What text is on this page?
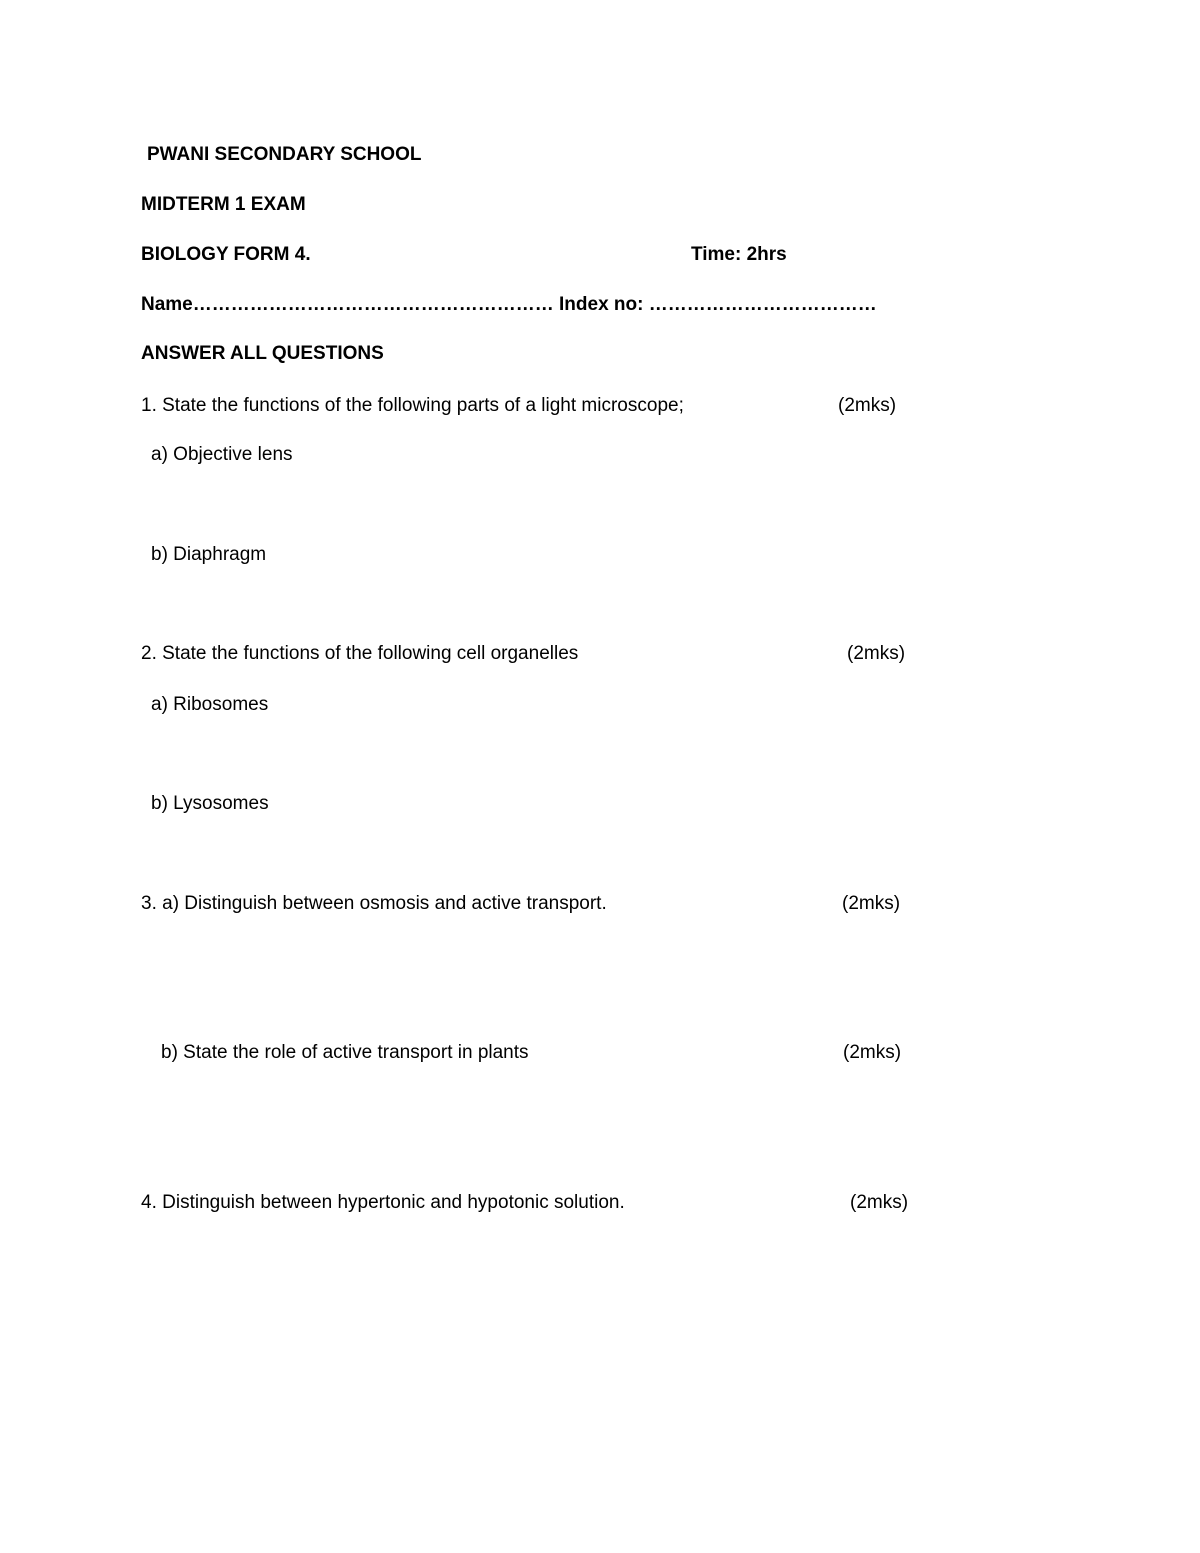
PWANI SECONDARY SCHOOL
MIDTERM 1 EXAM
BIOLOGY FORM 4.	Time: 2hrs
Name………………………………………………… Index no: ………………………………
ANSWER ALL QUESTIONS
1. State the functions of the following parts of a light microscope;	(2mks)
a) Objective lens
b) Diaphragm
2. State the functions of the following cell organelles	(2mks)
a) Ribosomes
b) Lysosomes
3. a) Distinguish between osmosis and active transport.	(2mks)
b) State the role of active transport in plants	(2mks)
4. Distinguish between hypertonic and hypotonic solution.	(2mks)
